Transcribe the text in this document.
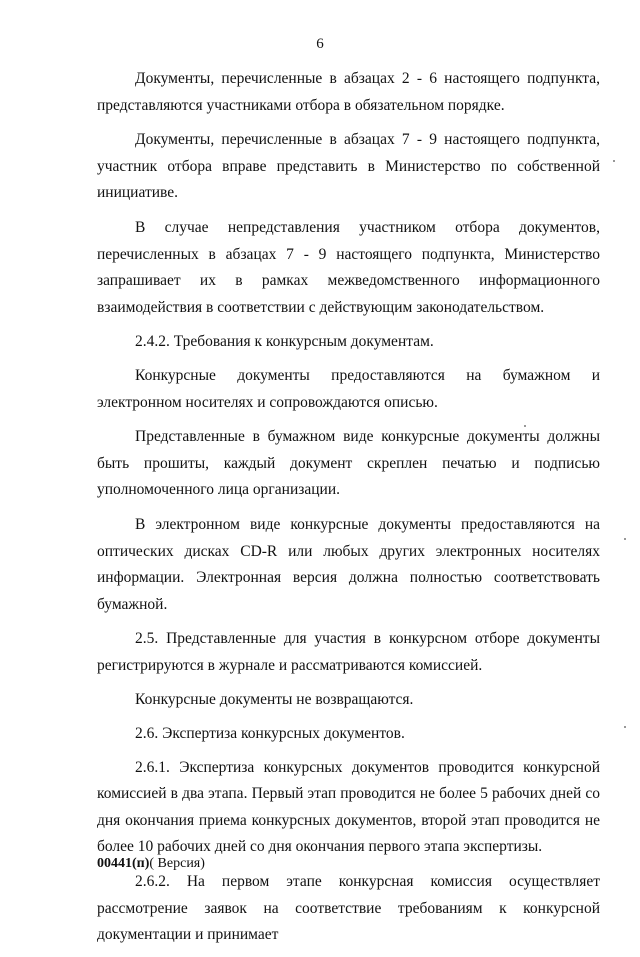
6

Документы, перечисленные в абзацах 2 - 6 настоящего подпункта, представляются участниками отбора в обязательном порядке.

Документы, перечисленные в абзацах 7 - 9 настоящего подпункта, участник отбора вправе представить в Министерство по собственной инициативе.

В случае непредставления участником отбора документов, перечисленных в абзацах 7 - 9 настоящего подпункта, Министерство запрашивает их в рамках межведомственного информационного взаимодействия в соответствии с действующим законодательством.

2.4.2. Требования к конкурсным документам.

Конкурсные документы предоставляются на бумажном и электронном носителях и сопровождаются описью.

Представленные в бумажном виде конкурсные документы должны быть прошиты, каждый документ скреплен печатью и подписью уполномоченного лица организации.

В электронном виде конкурсные документы предоставляются на оптических дисках CD-R или любых других электронных носителях информации. Электронная версия должна полностью соответствовать бумажной.

2.5. Представленные для участия в конкурсном отборе документы регистрируются в журнале и рассматриваются комиссией.

Конкурсные документы не возвращаются.

2.6. Экспертиза конкурсных документов.

2.6.1. Экспертиза конкурсных документов проводится конкурсной комиссией в два этапа. Первый этап проводится не более 5 рабочих дней со дня окончания приема конкурсных документов, второй этап проводится не более 10 рабочих дней со дня окончания первого этапа экспертизы.

2.6.2. На первом этапе конкурсная комиссия осуществляет рассмотрение заявок на соответствие требованиям к конкурсной документации и принимает

00441(п)( Версия)
